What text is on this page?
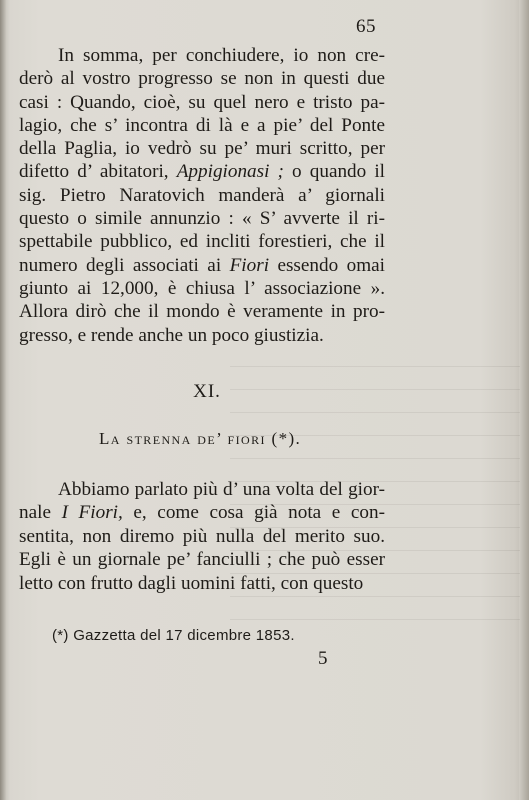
65
In somma, per conchiudere, io non cre-
derò al vostro progresso se non in questi due
casi : Quando, cioè, su quel nero e tristo pa-
lagio, che s’ incontra di là e a pie’ del Ponte
della Paglia, io vedrò su pe’ muri scritto, per
difetto d’ abitatori, Appigionasi ; o quando il
sig. Pietro Naratovich manderà a’ giornali
questo o simile annunzio : « S’ avverte il ri-
spettabile pubblico, ed incliti forestieri, che il
numero degli associati ai Fiori essendo omai
giunto ai 12,000, è chiusa l’ associazione ».
Allora dirò che il mondo è veramente in pro-
gresso, e rende anche un poco giustizia.
XI.
La strenna de’ fiori (*).
Abbiamo parlato più d’ una volta del gior-
nale I Fiori, e, come cosa già nota e con-
sentita, non diremo più nulla del merito suo.
Egli è un giornale pe’ fanciulli ; che può esser
letto con frutto dagli uomini fatti, con questo
(*) Gazzetta del 17 dicembre 1853.
5
